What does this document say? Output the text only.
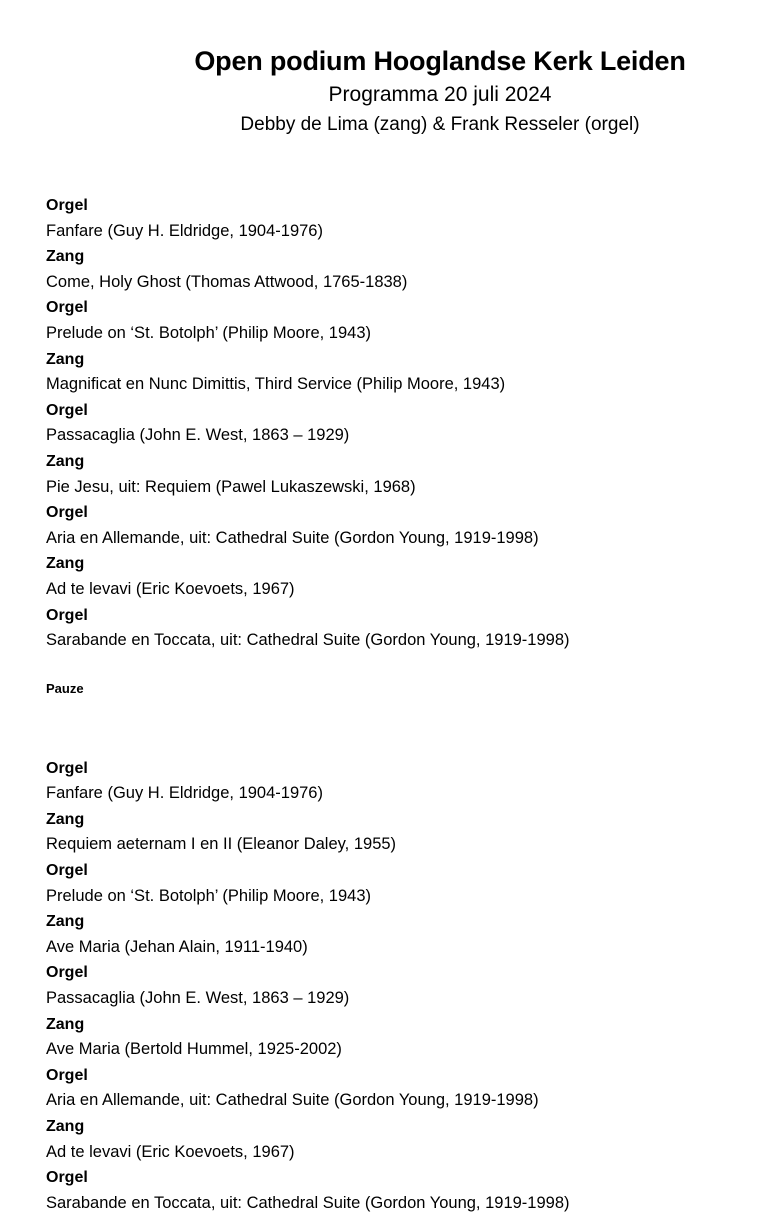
Open podium Hooglandse Kerk Leiden
Programma 20 juli 2024
Debby de Lima (zang) & Frank Resseler (orgel)
Orgel
Fanfare (Guy H. Eldridge, 1904-1976)
Zang
Come, Holy Ghost (Thomas Attwood, 1765-1838)
Orgel
Prelude on ‘St. Botolph’ (Philip Moore, 1943)
Zang
Magnificat en Nunc Dimittis, Third Service (Philip Moore, 1943)
Orgel
Passacaglia (John E. West, 1863 – 1929)
Zang
Pie Jesu, uit: Requiem (Pawel Lukaszewski, 1968)
Orgel
Aria en Allemande, uit: Cathedral Suite (Gordon Young, 1919-1998)
Zang
Ad te levavi (Eric Koevoets, 1967)
Orgel
Sarabande en Toccata, uit: Cathedral Suite (Gordon Young, 1919-1998)
Pauze
Orgel
Fanfare (Guy H. Eldridge, 1904-1976)
Zang
Requiem aeternam I en II (Eleanor Daley, 1955)
Orgel
Prelude on ‘St. Botolph’ (Philip Moore, 1943)
Zang
Ave Maria (Jehan Alain, 1911-1940)
Orgel
Passacaglia (John E. West, 1863 – 1929)
Zang
Ave Maria (Bertold Hummel, 1925-2002)
Orgel
Aria en Allemande, uit: Cathedral Suite (Gordon Young, 1919-1998)
Zang
Ad te levavi (Eric Koevoets, 1967)
Orgel
Sarabande en Toccata, uit: Cathedral Suite (Gordon Young, 1919-1998)
